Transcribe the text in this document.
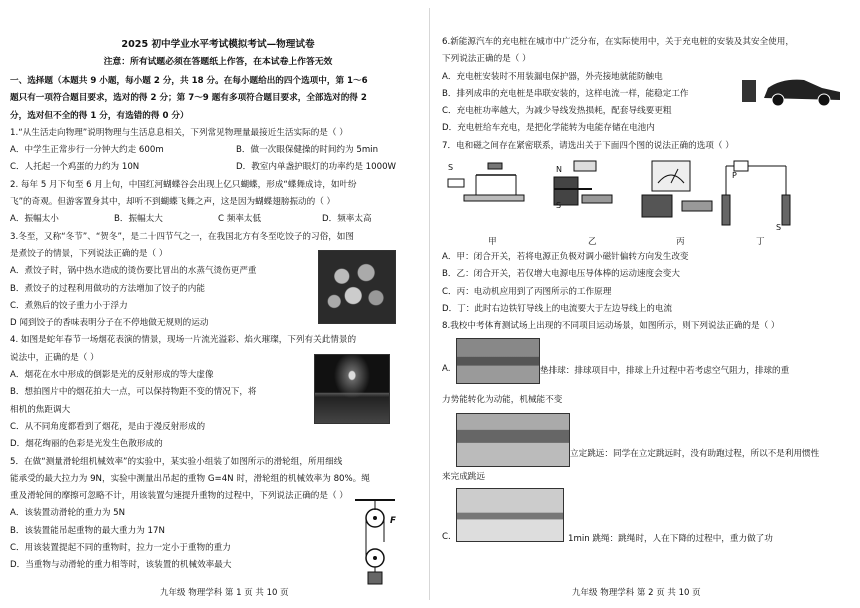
2025 初中学业水平考试模拟考试—物理试卷
注意：所有试题必须在答题纸上作答，在本试卷上作答无效
一、选择题（本题共 9 小题，每小题 2 分，共 18 分。在每小题给出的四个选项中，第 1～6
题只有一项符合题目要求，选对的得 2 分；第 7～9 题有多项符合题目要求，全部选对的得 2
分，选对但不全的得 1 分，有选错的得 0 分）
1.“从生活走向物理”说明物理与生活息息相关，下列常见物理量最接近生活实际的是（ ）
A．中学生正常步行一分钟大约走 600m	B．做一次眼保健操的时间约为 5min
C．人托起一个鸡蛋的力约为 10N	D．教室内单盏护眼灯的功率约是 1000W
2. 每年 5 月下旬至 6 月上旬，中国红河蝴蝶谷会出现上亿只蝴蝶，形成“蝶舞成诗，如叶纷
飞”的奇观。但游客置身其中，却听不到蝴蝶飞舞之声，这是因为蝴蝶翅膀振动的（ ）
A．振幅太小	B．振幅太大	C 频率太低	D．频率太高
3.冬至，又称“冬节”、“贺冬”，是二十四节气之一，在我国北方有冬至吃饺子的习俗，如图
是煮饺子的情景，下列说法正确的是（ ）
A．煮饺子时，锅中热水造成的烫伤要比冒出的水蒸气烫伤更严重
B．煮饺子的过程利用做功的方法增加了饺子的内能
C．煮熟后的饺子重力小于浮力
D 闻到饺子的香味表明分子在不停地做无规则的运动
4. 如图是蛇年春节一场烟花表演的情景，现场一片流光溢彩、焰火璀璨，下列有关此情景的
说法中，正确的是（ ）
A．烟花在水中形成的倒影是光的反射形成的等大虚像
B．想拍图片中的烟花拍大一点，可以保持物距不变的情况下，将
相机的焦距调大
C．从不同角度都看到了烟花，是由于漫反射形成的
D．烟花绚丽的色彩是光发生色散形成的
5．在做“测量滑轮组机械效率”的实验中，某实验小组装了如图所示的滑轮组，所用细线
能承受的最大拉力为 9N，实验中测量出吊起的重物 G=4N 时，滑轮组的机械效率为 80%。绳
重及滑轮间的摩擦可忽略不计，用该装置匀速提升重物的过程中，下列说法正确的是（ ）
A．该装置动滑轮的重力为 5N
B．该装置能吊起重物的最大重力为 17N
C．用该装置提起不同的重物时，拉力一定小于重物的重力
D．当重物与动滑轮的重力相等时，该装置的机械效率最大
F
九年级 物理学科 第 1 页 共 10 页
6.新能源汽车的充电桩在城市中广泛分布，在实际使用中，关于充电桩的安装及其安全使用，
下列说法正确的是（ ）
A．充电桩安装时不用装漏电保护器，外壳接地就能防触电
B．排列成串的充电桩是串联安装的，这样电流一样，能稳定工作
C．充电桩功率越大，为减少导线发热损耗，配套导线要更粗
D．充电桩给车充电，是把化学能转为电能存储在电池内
7．电和磁之间存在紧密联系，请选出关于下面四个图的说法正确的选项（ ）
S	N
S
P
S
甲	乙	丙	丁
A．甲：闭合开关，若将电源正负极对调小磁针偏转方向发生改变
B．乙：闭合开关，若仅增大电源电压导体棒的运动速度会变大
C．丙：电动机应用到了丙图所示的工作原理
D．丁：此时右边铁钉导线上的电流要大于左边导线上的电流
8.我校中考体育测试场上出现的不同项目运动场景，如图所示，则下列说法正确的是（ ）
A.	垫排球：排球项目中，排球上升过程中若考虑空气阻力，排球的重
力势能转化为动能，机械能不变
立定跳远：同学在立定跳远时，没有助跑过程，所以不是利用惯性
来完成跳远
C.	1min 跳绳：跳绳时，人在下降的过程中，重力做了功
九年级 物理学科 第 2 页 共 10 页
